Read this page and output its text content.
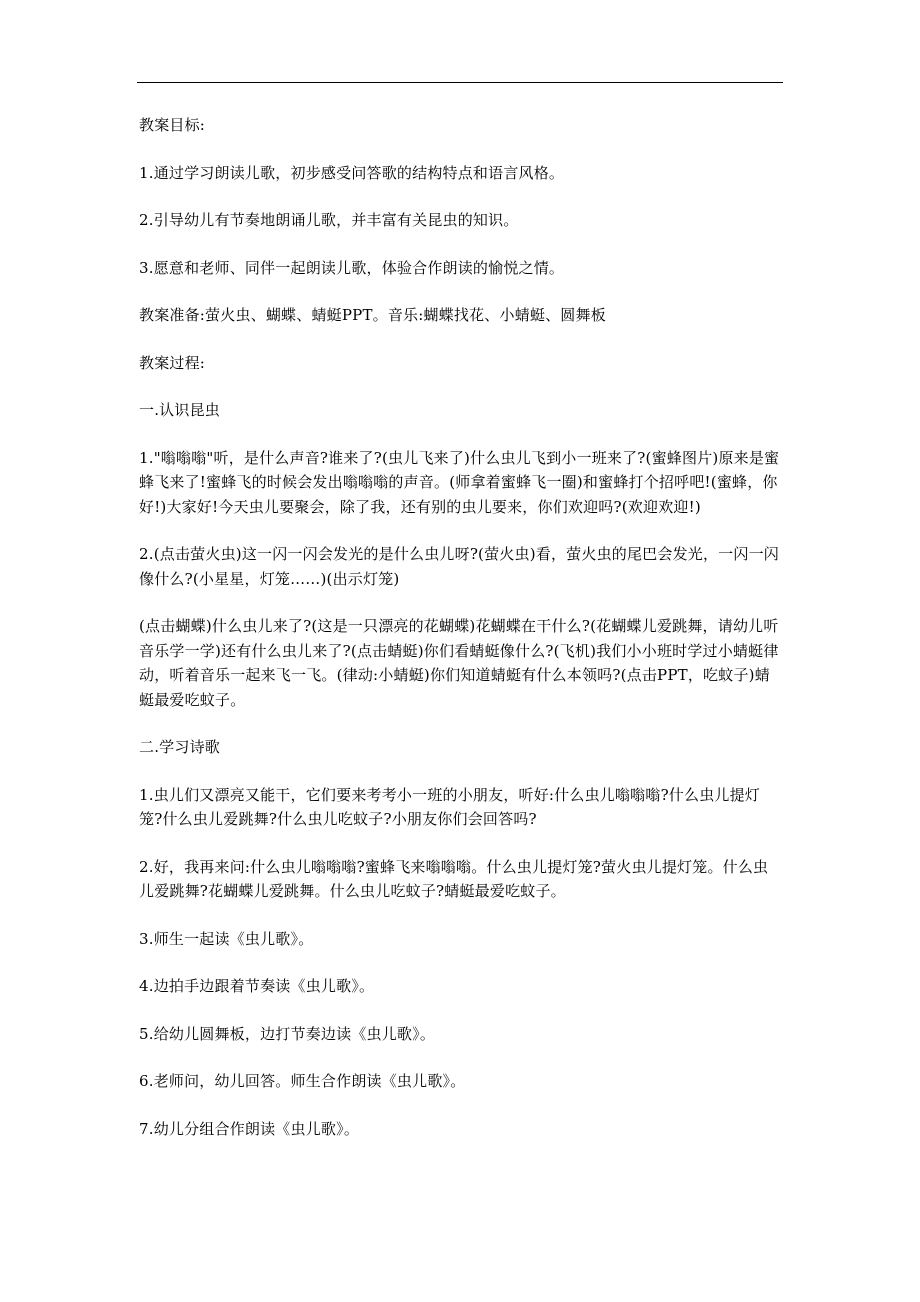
教案目标:

1.通过学习朗读儿歌，初步感受问答歌的结构特点和语言风格。

2.引导幼儿有节奏地朗诵儿歌，并丰富有关昆虫的知识。

3.愿意和老师、同伴一起朗读儿歌，体验合作朗读的愉悦之情。

教案准备:萤火虫、蝴蝶、蜻蜓PPT。音乐:蝴蝶找花、小蜻蜓、圆舞板

教案过程:

一.认识昆虫

1."嗡嗡嗡"听，是什么声音?谁来了?(虫儿飞来了)什么虫儿飞到小一班来了?(蜜蜂图片)原来是蜜蜂飞来了!蜜蜂飞的时候会发出嗡嗡嗡的声音。(师拿着蜜蜂飞一圈)和蜜蜂打个招呼吧!(蜜蜂，你好!)大家好!今天虫儿要聚会，除了我，还有别的虫儿要来，你们欢迎吗?(欢迎欢迎!)

2.(点击萤火虫)这一闪一闪会发光的是什么虫儿呀?(萤火虫)看，萤火虫的尾巴会发光，一闪一闪像什么?(小星星，灯笼……)(出示灯笼)

(点击蝴蝶)什么虫儿来了?(这是一只漂亮的花蝴蝶)花蝴蝶在干什么?(花蝴蝶儿爱跳舞，请幼儿听音乐学一学)还有什么虫儿来了?(点击蜻蜓)你们看蜻蜓像什么?(飞机)我们小小班时学过小蜻蜓律动，听着音乐一起来飞一飞。(律动:小蜻蜓)你们知道蜻蜓有什么本领吗?(点击PPT，吃蚊子)蜻蜓最爱吃蚊子。

二.学习诗歌

1.虫儿们又漂亮又能干，它们要来考考小一班的小朋友，听好:什么虫儿嗡嗡嗡?什么虫儿提灯笼?什么虫儿爱跳舞?什么虫儿吃蚊子?小朋友你们会回答吗?

2.好，我再来问:什么虫儿嗡嗡嗡?蜜蜂飞来嗡嗡嗡。什么虫儿提灯笼?萤火虫儿提灯笼。什么虫儿爱跳舞?花蝴蝶儿爱跳舞。什么虫儿吃蚊子?蜻蜓最爱吃蚊子。

3.师生一起读《虫儿歌》。

4.边拍手边跟着节奏读《虫儿歌》。

5.给幼儿圆舞板，边打节奏边读《虫儿歌》。

6.老师问，幼儿回答。师生合作朗读《虫儿歌》。

7.幼儿分组合作朗读《虫儿歌》。
